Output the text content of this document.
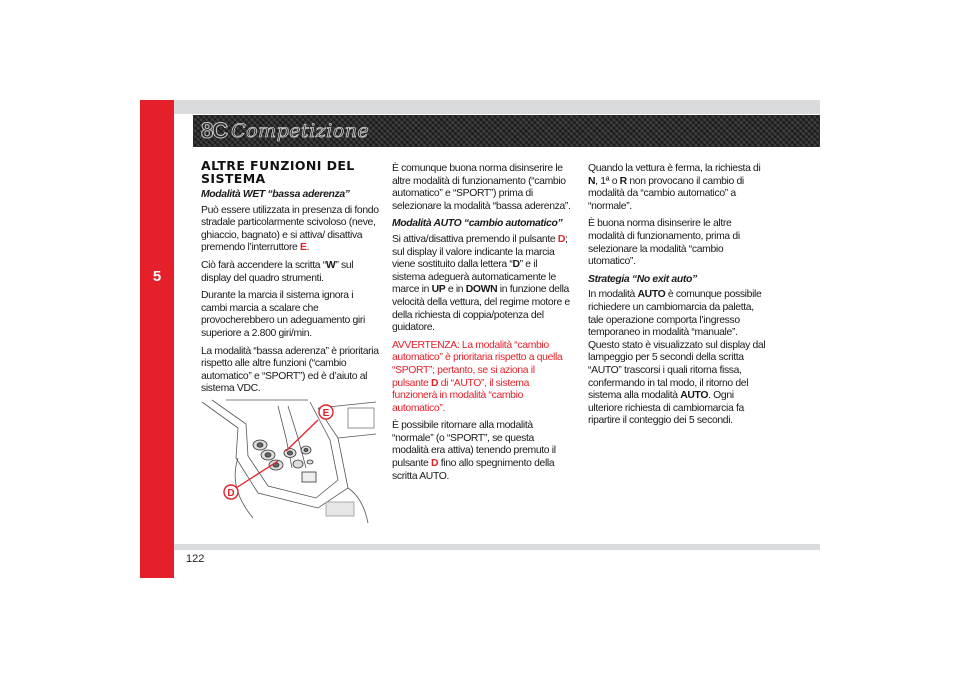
5
8C Competizione
ALTRE FUNZIONI DEL SISTEMA

Modalità WET “bassa aderenza”

Può essere utilizzata in presenza di fondo stradale particolarmente scivoloso (neve, ghiaccio, bagnato) e si attiva/ disattiva premendo l’interruttore E.

Ciò farà accendere la scritta “W” sul display del quadro strumenti.

Durante la marcia il sistema ignora i cambi marcia a scalare che provocherebbero un adeguamento giri superiore a 2.800 giri/min.

La modalità “bassa aderenza” è prioritaria rispetto alle altre funzioni (“cambio automatico” e “SPORT”) ed è d’aiuto al sistema VDC.

E
D

È comunque buona norma disinserire le altre modalità di funzionamento (“cambio automatico” e “SPORT”) prima di selezionare la modalità “bassa aderenza”.

Modalità AUTO “cambio automatico”

Si attiva/disattiva premendo il pulsante D; sul display il valore indicante la marcia viene sostituito dalla lettera “D” e il sistema adeguerà automaticamente le marce in UP e in DOWN in funzione della velocità della vettura, del regime motore e della richiesta di coppia/potenza del guidatore.

AVVERTENZA: La modalità “cambio automatico” è prioritaria rispetto a quella “SPORT”; pertanto, se si aziona il pulsante D di “AUTO”, il sistema funzionerà in modalità “cambio automatico”.

È possibile ritornare alla modalità “normale” (o “SPORT”, se questa modalità era attiva) tenendo premuto il pulsante D fino allo spegnimento della scritta AUTO.

Quando la vettura è ferma, la richiesta di N, 1ª o R non provocano il cambio di modalità da “cambio automatico” a “normale”.

È buona norma disinserire le altre modalità di funzionamento, prima di selezionare la modalità “cambio utomatico”.

Strategia “No exit auto”

In modalità AUTO è comunque possibile richiedere un cambiomarcia da paletta, tale operazione comporta l’ingresso temporaneo in modalità “manuale”. Questo stato è visualizzato sul display dal lampeggio per 5 secondi della scritta “AUTO” trascorsi i quali ritorna fissa, confermando in tal modo, il ritorno del sistema alla modalità AUTO. Ogni ulteriore richiesta di cambiomarcia fa ripartire il conteggio dei 5 secondi.

122
